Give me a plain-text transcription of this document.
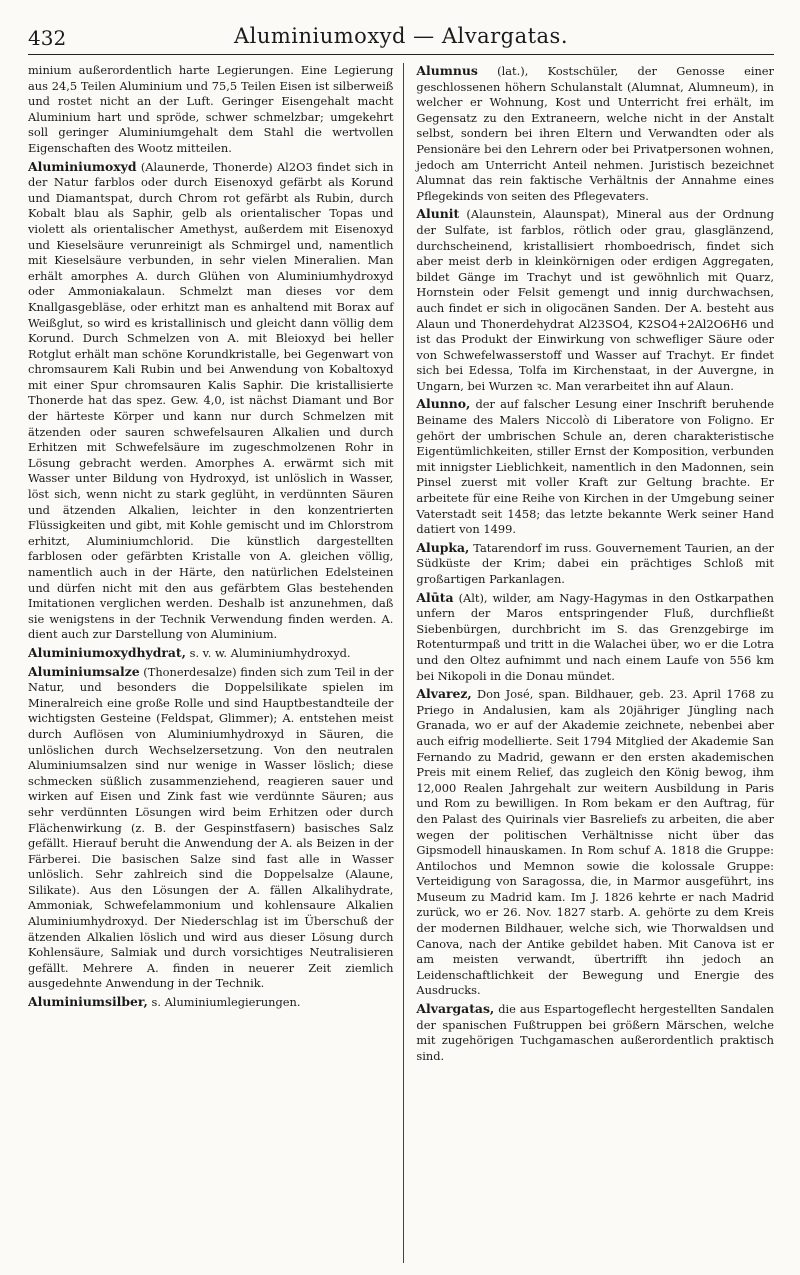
432	Aluminiumoxyd — Alvargatas.

minium außerordentlich harte Legierungen. Eine Legierung aus 24,5 Teilen Aluminium und 75,5 Teilen Eisen ist silberweiß und rostet nicht an der Luft. Geringer Eisengehalt macht Aluminium hart und spröde, schwer schmelzbar; umgekehrt soll geringer Aluminiumgehalt dem Stahl die wertvollen Eigenschaften des Wootz mitteilen.

Aluminiumoxyd (Alaunerde, Thonerde) Al2O3 findet sich in der Natur farblos oder durch Eisenoxyd gefärbt als Korund und Diamantspat, durch Chrom rot gefärbt als Rubin, durch Kobalt blau als Saphir, gelb als orientalischer Topas und violett als orientalischer Amethyst, außerdem mit Eisenoxyd und Kieselsäure verunreinigt als Schmirgel und, namentlich mit Kieselsäure verbunden, in sehr vielen Mineralien. Man erhält amorphes A. durch Glühen von Aluminiumhydroxyd oder Ammoniakalaun. Schmelzt man dieses vor dem Knallgasgebläse, oder erhitzt man es anhaltend mit Borax auf Weißglut, so wird es kristallinisch und gleicht dann völlig dem Korund. Durch Schmelzen von A. mit Bleioxyd bei heller Rotglut erhält man schöne Korundkristalle, bei Gegenwart von chromsaurem Kali Rubin und bei Anwendung von Kobaltoxyd mit einer Spur chromsauren Kalis Saphir. Die kristallisierte Thonerde hat das spez. Gew. 4,0, ist nächst Diamant und Bor der härteste Körper und kann nur durch Schmelzen mit ätzenden oder sauren schwefelsauren Alkalien und durch Erhitzen mit Schwefelsäure im zugeschmolzenen Rohr in Lösung gebracht werden. Amorphes A. erwärmt sich mit Wasser unter Bildung von Hydroxyd, ist unlöslich in Wasser, löst sich, wenn nicht zu stark geglüht, in verdünnten Säuren und ätzenden Alkalien, leichter in den konzentrierten Flüssigkeiten und gibt, mit Kohle gemischt und im Chlorstrom erhitzt, Aluminiumchlorid. Die künstlich dargestellten farblosen oder gefärbten Kristalle von A. gleichen völlig, namentlich auch in der Härte, den natürlichen Edelsteinen und dürfen nicht mit den aus gefärbtem Glas bestehenden Imitationen verglichen werden. Deshalb ist anzunehmen, daß sie wenigstens in der Technik Verwendung finden werden. A. dient auch zur Darstellung von Aluminium.

Aluminiumoxydhydrat, s. v. w. Aluminiumhydroxyd.

Aluminiumsalze (Thonerdesalze) finden sich zum Teil in der Natur, und besonders die Doppelsilikate spielen im Mineralreich eine große Rolle und sind Hauptbestandteile der wichtigsten Gesteine (Feldspat, Glimmer); A. entstehen meist durch Auflösen von Aluminiumhydroxyd in Säuren, die unlöslichen durch Wechselzersetzung. Von den neutralen Aluminiumsalzen sind nur wenige in Wasser löslich; diese schmecken süßlich zusammenziehend, reagieren sauer und wirken auf Eisen und Zink fast wie verdünnte Säuren; aus sehr verdünnten Lösungen wird beim Erhitzen oder durch Flächenwirkung (z. B. der Gespinstfasern) basisches Salz gefällt. Hierauf beruht die Anwendung der A. als Beizen in der Färberei. Die basischen Salze sind fast alle in Wasser unlöslich. Sehr zahlreich sind die Doppelsalze (Alaune, Silikate). Aus den Lösungen der A. fällen Alkalihydrate, Ammoniak, Schwefelammonium und kohlensaure Alkalien Aluminiumhydroxyd. Der Niederschlag ist im Überschuß der ätzenden Alkalien löslich und wird aus dieser Lösung durch Kohlensäure, Salmiak und durch vorsichtiges Neutralisieren gefällt. Mehrere A. finden in neuerer Zeit ziemlich ausgedehnte Anwendung in der Technik.

Aluminiumsilber, s. Aluminiumlegierungen.

Alumnus (lat.), Kostschüler, der Genosse einer geschlossenen höhern Schulanstalt (Alumnat, Alumneum), in welcher er Wohnung, Kost und Unterricht frei erhält, im Gegensatz zu den Extraneern, welche nicht in der Anstalt selbst, sondern bei ihren Eltern und Verwandten oder als Pensionäre bei den Lehrern oder bei Privatpersonen wohnen, jedoch am Unterricht Anteil nehmen. Juristisch bezeichnet Alumnat das rein faktische Verhältnis der Annahme eines Pflegekinds von seiten des Pflegevaters.

Alunit (Alaunstein, Alaunspat), Mineral aus der Ordnung der Sulfate, ist farblos, rötlich oder grau, glasglänzend, durchscheinend, kristallisiert rhomboedrisch, findet sich aber meist derb in kleinkörnigen oder erdigen Aggregaten, bildet Gänge im Trachyt und ist gewöhnlich mit Quarz, Hornstein oder Felsit gemengt und innig durchwachsen, auch findet er sich in oligocänen Sanden. Der A. besteht aus Alaun und Thonerdehydrat Al23SO4, K2SO4+2Al2O6H6 und ist das Produkt der Einwirkung von schwefliger Säure oder von Schwefelwasserstoff und Wasser auf Trachyt. Er findet sich bei Edessa, Tolfa im Kirchenstaat, in der Auvergne, in Ungarn, bei Wurzen ꝛc. Man verarbeitet ihn auf Alaun.

Alunno, der auf falscher Lesung einer Inschrift beruhende Beiname des Malers Niccolò di Liberatore von Foligno. Er gehört der umbrischen Schule an, deren charakteristische Eigentümlichkeiten, stiller Ernst der Komposition, verbunden mit innigster Lieblichkeit, namentlich in den Madonnen, sein Pinsel zuerst mit voller Kraft zur Geltung brachte. Er arbeitete für eine Reihe von Kirchen in der Umgebung seiner Vaterstadt seit 1458; das letzte bekannte Werk seiner Hand datiert von 1499.

Alupka, Tatarendorf im russ. Gouvernement Taurien, an der Südküste der Krim; dabei ein prächtiges Schloß mit großartigen Parkanlagen.

Alūta (Alt), wilder, am Nagy-Hagymas in den Ostkarpathen unfern der Maros entspringender Fluß, durchfließt Siebenbürgen, durchbricht im S. das Grenzgebirge im Rotenturmpaß und tritt in die Walachei über, wo er die Lotra und den Oltez aufnimmt und nach einem Laufe von 556 km bei Nikopoli in die Donau mündet.

Alvarez, Don José, span. Bildhauer, geb. 23. April 1768 zu Priego in Andalusien, kam als 20jähriger Jüngling nach Granada, wo er auf der Akademie zeichnete, nebenbei aber auch eifrig modellierte. Seit 1794 Mitglied der Akademie San Fernando zu Madrid, gewann er den ersten akademischen Preis mit einem Relief, das zugleich den König bewog, ihm 12,000 Realen Jahrgehalt zur weitern Ausbildung in Paris und Rom zu bewilligen. In Rom bekam er den Auftrag, für den Palast des Quirinals vier Basreliefs zu arbeiten, die aber wegen der politischen Verhältnisse nicht über das Gipsmodell hinauskamen. In Rom schuf A. 1818 die Gruppe: Antilochos und Memnon sowie die kolossale Gruppe: Verteidigung von Saragossa, die, in Marmor ausgeführt, ins Museum zu Madrid kam. Im J. 1826 kehrte er nach Madrid zurück, wo er 26. Nov. 1827 starb. A. gehörte zu dem Kreis der modernen Bildhauer, welche sich, wie Thorwaldsen und Canova, nach der Antike gebildet haben. Mit Canova ist er am meisten verwandt, übertrifft ihn jedoch an Leidenschaftlichkeit der Bewegung und Energie des Ausdrucks.

Alvargatas, die aus Espartogeflecht hergestellten Sandalen der spanischen Fußtruppen bei größern Märschen, welche mit zugehörigen Tuchgamaschen außerordentlich praktisch sind.
